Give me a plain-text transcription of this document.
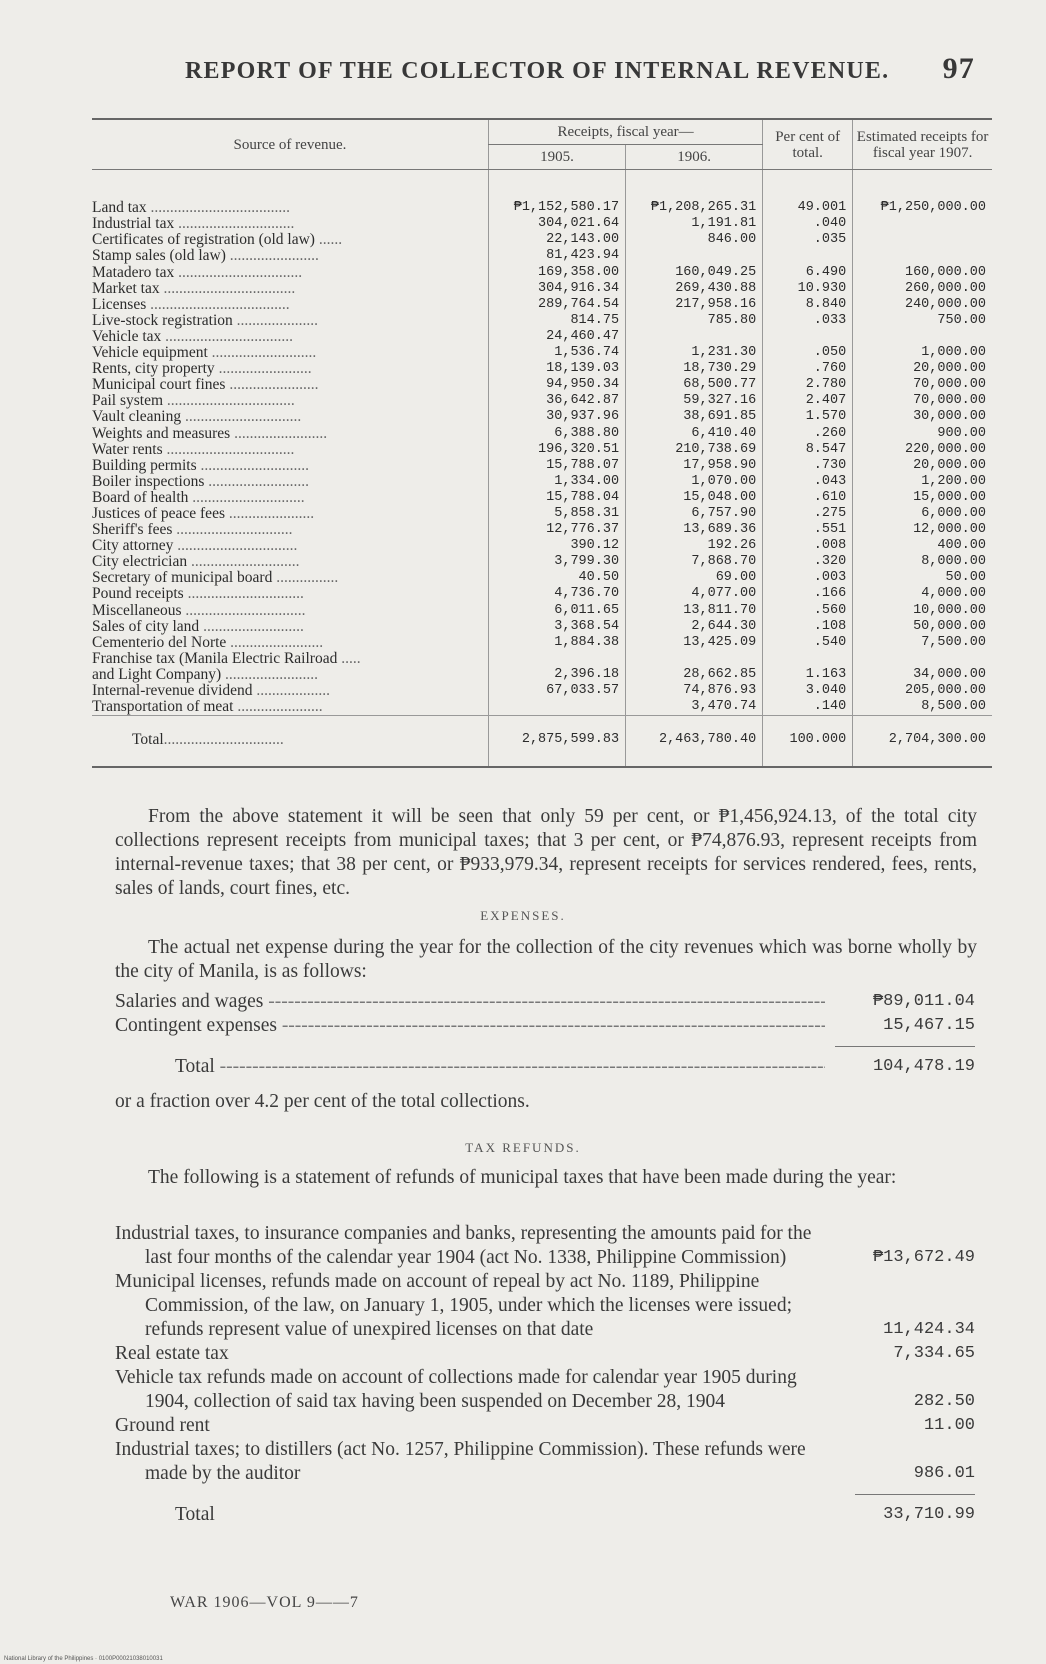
REPORT OF THE COLLECTOR OF INTERNAL REVENUE. 97
Source of revenue.	Receipts, fiscal year—		Per cent of total.	Estimated receipts for fiscal year 1907.
	1905.	1906.		
Land tax ....................................	₱1,152,580.17	₱1,208,265.31	49.001	₱1,250,000.00
Industrial tax ..............................	304,021.64	1,191.81	.040	
Certificates of registration (old law) ......	22,143.00	846.00	.035	
Stamp sales (old law) .......................	81,423.94			
Matadero tax ................................	169,358.00	160,049.25	6.490	160,000.00
Market tax ..................................	304,916.34	269,430.88	10.930	260,000.00
Licenses ....................................	289,764.54	217,958.16	8.840	240,000.00
Live-stock registration .....................	814.75	785.80	.033	750.00
Vehicle tax .................................	24,460.47			
Vehicle equipment ...........................	1,536.74	1,231.30	.050	1,000.00
Rents, city property ........................	18,139.03	18,730.29	.760	20,000.00
Municipal court fines .......................	94,950.34	68,500.77	2.780	70,000.00
Pail system .................................	36,642.87	59,327.16	2.407	70,000.00
Vault cleaning ..............................	30,937.96	38,691.85	1.570	30,000.00
Weights and measures ........................	6,388.80	6,410.40	.260	900.00
Water rents .................................	196,320.51	210,738.69	8.547	220,000.00
Building permits ............................	15,788.07	17,958.90	.730	20,000.00
Boiler inspections ..........................	1,334.00	1,070.00	.043	1,200.00
Board of health .............................	15,788.04	15,048.00	.610	15,000.00
Justices of peace fees ......................	5,858.31	6,757.90	.275	6,000.00
Sheriff's fees ..............................	12,776.37	13,689.36	.551	12,000.00
City attorney ...............................	390.12	192.26	.008	400.00
City electrician ............................	3,799.30	7,868.70	.320	8,000.00
Secretary of municipal board ................	40.50	69.00	.003	50.00
Pound receipts ..............................	4,736.70	4,077.00	.166	4,000.00
Miscellaneous ...............................	6,011.65	13,811.70	.560	10,000.00
Sales of city land ..........................	3,368.54	2,644.30	.108	50,000.00
Cementerio del Norte ........................	1,884.38	13,425.09	.540	7,500.00
Franchise tax (Manila Electric Railroad .....				
and Light Company) ........................	2,396.18	28,662.85	1.163	34,000.00
Internal-revenue dividend ...................	67,033.57	74,876.93	3.040	205,000.00
Transportation of meat ......................		3,470.74	.140	8,500.00
Total...............................	2,875,599.83	2,463,780.40	100.000	2,704,300.00

From the above statement it will be seen that only 59 per cent, or ₱1,456,924.13, of the total city collections represent receipts from municipal taxes; that 3 per cent, or ₱74,876.93, represent receipts from internal-revenue taxes; that 38 per cent, or ₱933,979.34, represent receipts for services rendered, fees, rents, sales of lands, court fines, etc.

EXPENSES.

The actual net expense during the year for the collection of the city revenues which was borne wholly by the city of Manila, is as follows:

Salaries and wages -----	₱89,011.04
Contingent expenses -----	15,467.15
Total -----	104,478.19

or a fraction over 4.2 per cent of the total collections.

TAX REFUNDS.

The following is a statement of refunds of municipal taxes that have been made during the year:

Industrial taxes, to insurance companies and banks, representing the amounts paid for the last four months of the calendar year 1904 (act No. 1338, Philippine Commission)	₱13,672.49
Municipal licenses, refunds made on account of repeal by act No. 1189, Philippine Commission, of the law, on January 1, 1905, under which the licenses were issued; refunds represent value of unexpired licenses on that date	11,424.34
Real estate tax	7,334.65
Vehicle tax refunds made on account of collections made for calendar year 1905 during 1904, collection of said tax having been suspended on December 28, 1904	282.50
Ground rent	11.00
Industrial taxes; to distillers (act No. 1257, Philippine Commission). These refunds were made by the auditor	986.01
Total	33,710.99
WAR 1906—VOL 9——7
National Library of the Philippines · 0100P00021038010031
